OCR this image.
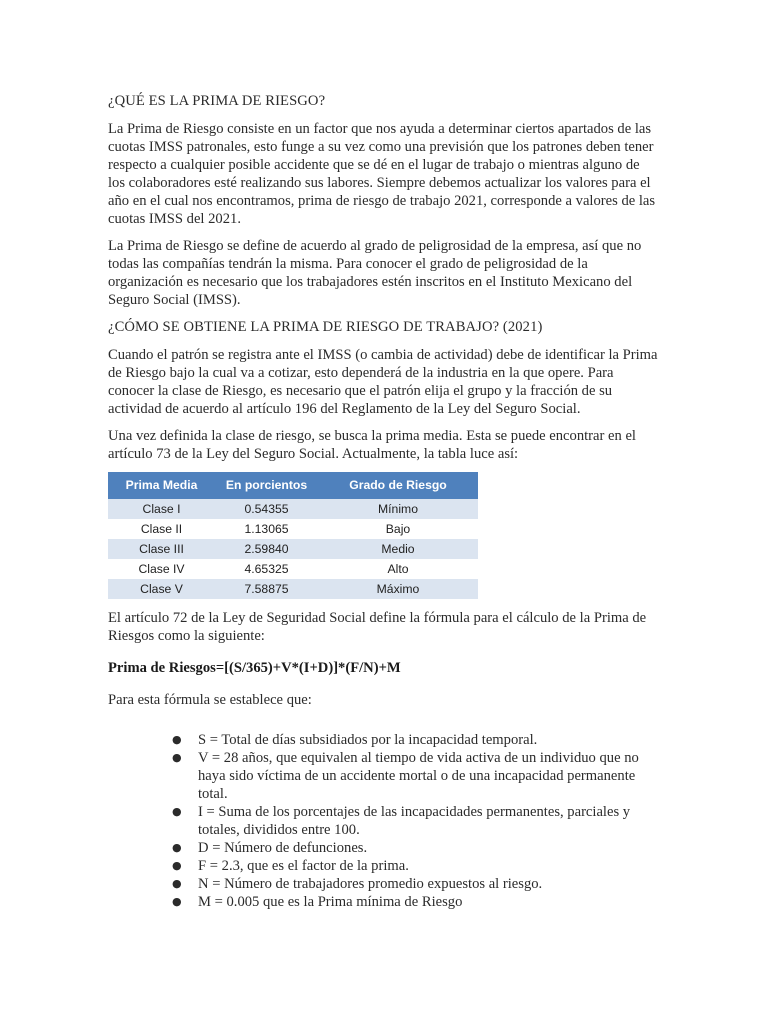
¿QUÉ ES LA PRIMA DE RIESGO?

La Prima de Riesgo consiste en un factor que nos ayuda a determinar ciertos apartados de las cuotas IMSS patronales, esto funge a su vez como una previsión que los patrones deben tener respecto a cualquier posible accidente que se dé en el lugar de trabajo o mientras alguno de los colaboradores esté realizando sus labores. Siempre debemos actualizar los valores para el año en el cual nos encontramos, prima de riesgo de trabajo 2021, corresponde a valores de las cuotas IMSS del 2021.

La Prima de Riesgo se define de acuerdo al grado de peligrosidad de la empresa, así que no todas las compañías tendrán la misma. Para conocer el grado de peligrosidad de la organización es necesario que los trabajadores estén inscritos en el Instituto Mexicano del Seguro Social (IMSS).

¿CÓMO SE OBTIENE LA PRIMA DE RIESGO DE TRABAJO? (2021)

Cuando el patrón se registra ante el IMSS (o cambia de actividad) debe de identificar la Prima de Riesgo bajo la cual va a cotizar, esto dependerá de la industria en la que opere. Para conocer la clase de Riesgo, es necesario que el patrón elija el grupo y la fracción de su actividad de acuerdo al artículo 196 del Reglamento de la Ley del Seguro Social.

Una vez definida la clase de riesgo, se busca la prima media. Esta se puede encontrar en el artículo 73 de la Ley del Seguro Social. Actualmente, la tabla luce así:

Prima Media	En porcientos	Grado de Riesgo
Clase I	0.54355	Mínimo
Clase II	1.13065	Bajo
Clase III	2.59840	Medio
Clase IV	4.65325	Alto
Clase V	7.58875	Máximo

El artículo 72 de la Ley de Seguridad Social define la fórmula para el cálculo de la Prima de Riesgos como la siguiente:

Prima de Riesgos=[(S/365)+V*(I+D)]*(F/N)+M

Para esta fórmula se establece que:

● S = Total de días subsidiados por la incapacidad temporal.
● V = 28 años, que equivalen al tiempo de vida activa de un individuo que no haya sido víctima de un accidente mortal o de una incapacidad permanente total.
● I = Suma de los porcentajes de las incapacidades permanentes, parciales y totales, divididos entre 100.
● D = Número de defunciones.
● F = 2.3, que es el factor de la prima.
● N = Número de trabajadores promedio expuestos al riesgo.
● M = 0.005 que es la Prima mínima de Riesgo
